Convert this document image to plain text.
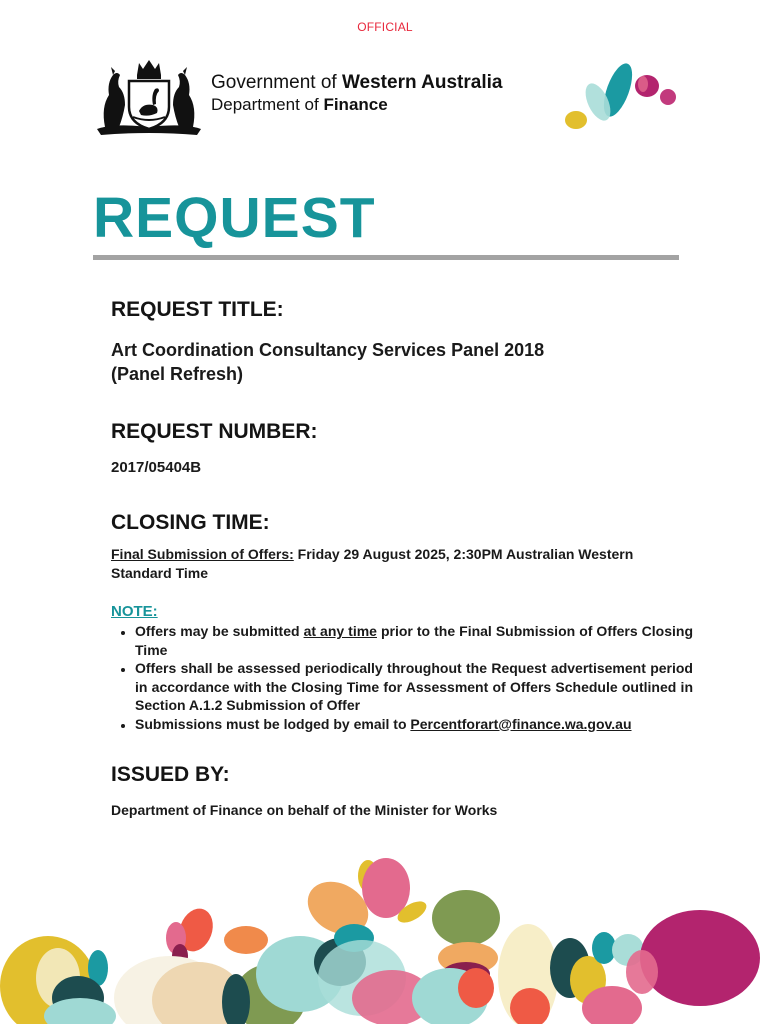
OFFICIAL
Government of Western Australia
Department of Finance
REQUEST
REQUEST TITLE:
Art Coordination Consultancy Services Panel 2018
(Panel Refresh)
REQUEST NUMBER:
2017/05404B
CLOSING TIME:
Final Submission of Offers: Friday 29 August 2025, 2:30PM Australian Western Standard Time
NOTE:
• Offers may be submitted at any time prior to the Final Submission of Offers Closing Time
• Offers shall be assessed periodically throughout the Request advertisement period in accordance with the Closing Time for Assessment of Offers Schedule outlined in Section A.1.2 Submission of Offer
• Submissions must be lodged by email to Percentforart@finance.wa.gov.au
ISSUED BY:
Department of Finance on behalf of the Minister for Works
